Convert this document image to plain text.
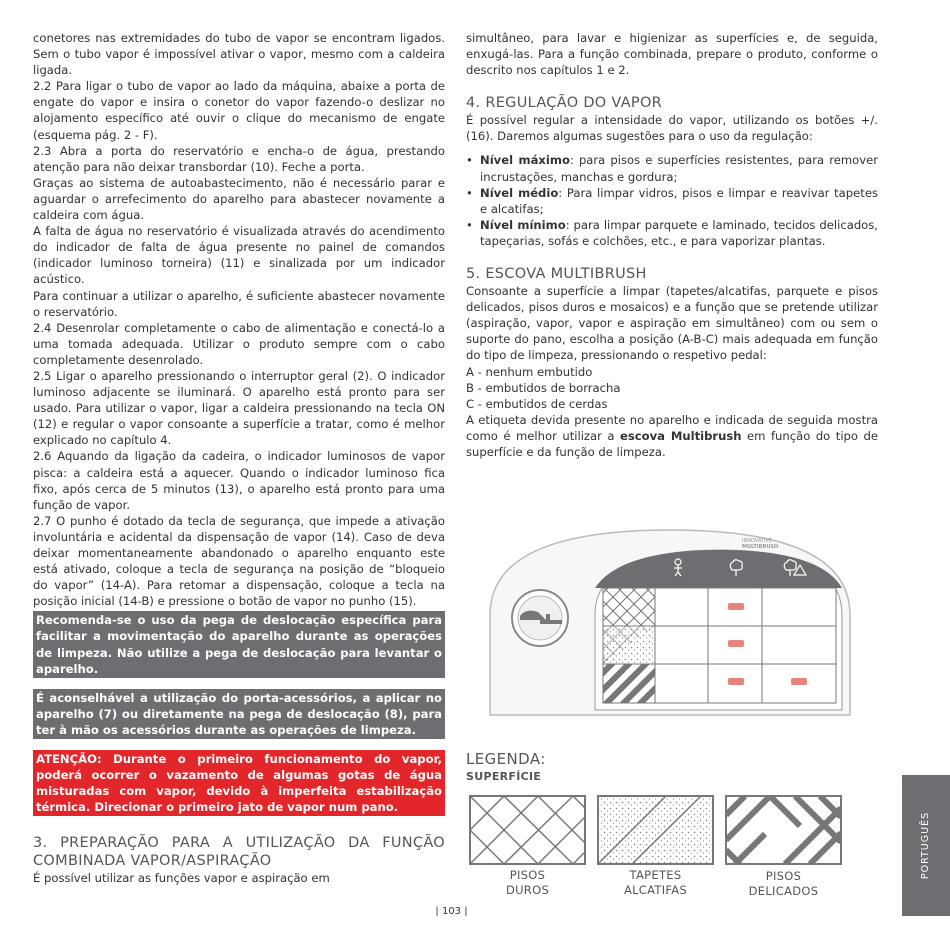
conetores nas extremidades do tubo de vapor se encontram ligados. Sem o tubo vapor é impossível ativar o vapor, mesmo com a caldeira ligada.

2.2 Para ligar o tubo de vapor ao lado da máquina, abaixe a porta de engate do vapor e insira o conetor do vapor fazendo-o deslizar no alojamento específico até ouvir o clique do mecanismo de engate (esquema pág. 2 - F).

2.3 Abra a porta do reservatório e encha-o de água, prestando atenção para não deixar transbordar (10). Feche a porta.

Graças ao sistema de autoabastecimento, não é necessário parar e aguardar o arrefecimento do aparelho para abastecer novamente a caldeira com água.

A falta de água no reservatório é visualizada através do acendimento do indicador de falta de água presente no painel de comandos (indicador luminoso torneira) (11) e sinalizada por um indicador acústico.

Para continuar a utilizar o aparelho, é suficiente abastecer novamente o reservatório.

2.4 Desenrolar completamente o cabo de alimentação e conectá-lo a uma tomada adequada. Utilizar o produto sempre com o cabo completamente desenrolado.

2.5 Ligar o aparelho pressionando o interruptor geral (2). O indicador luminoso adjacente se iluminará. O aparelho está pronto para ser usado. Para utilizar o vapor, ligar a caldeira pressionando na tecla ON (12) e regular o vapor consoante a superfície a tratar, como é melhor explicado no capítulo 4.

2.6 Aquando da ligação da cadeira, o indicador luminosos de vapor pisca: a caldeira está a aquecer. Quando o indicador luminoso fica fixo, após cerca de 5 minutos (13), o aparelho está pronto para uma função de vapor.

2.7 O punho é dotado da tecla de segurança, que impede a ativação involuntária e acidental da dispensação de vapor (14). Caso de deva deixar momentaneamente abandonado o aparelho enquanto este está ativado, coloque a tecla de segurança na posição de “bloqueio do vapor” (14-A). Para retomar a dispensação, coloque a tecla na posição inicial (14-B) e pressione o botão de vapor no punho (15).

Recomenda-se o uso da pega de deslocação específica para facilitar a movimentação do aparelho durante as operações de limpeza. Não utilize a pega de deslocação para levantar o aparelho.
É aconselhável a utilização do porta-acessórios, a aplicar no aparelho (7) ou diretamente na pega de deslocação (8), para ter à mão os acessórios durante as operações de limpeza.
ATENÇÃO: Durante o primeiro funcionamento do vapor, poderá ocorrer o vazamento de algumas gotas de água misturadas com vapor, devido à imperfeita estabilização térmica. Direcionar o primeiro jato de vapor num pano.
3. PREPARAÇÃO PARA A UTILIZAÇÃO DA FUNÇÃO COMBINADA VAPOR/ASPIRAÇÃO

É possível utilizar as funções vapor e aspiração em

simultâneo, para lavar e higienizar as superfícies e, de seguida, enxugá-las. Para a função combinada, prepare o produto, conforme o descrito nos capítulos 1 e 2.

4. REGULAÇÃO DO VAPOR

É possível regular a intensidade do vapor, utilizando os botões +/. (16). Daremos algumas sugestões para o uso da regulação:

• Nível máximo: para pisos e superfícies resistentes, para remover incrustações, manchas e gordura;
• Nível médio: Para limpar vidros, pisos e limpar e reavivar tapetes e alcatifas;
• Nível mínimo: para limpar parquete e laminado, tecidos delicados, tapeçarias, sofás e colchões, etc., e para vaporizar plantas.
5. ESCOVA MULTIBRUSH

Consoante a superfície a limpar (tapetes/alcatifas, parquete e pisos delicados, pisos duros e mosaicos) e a função que se pretende utilizar (aspiração, vapor, vapor e aspiração em simultâneo) com ou sem o suporte do pano, escolha a posição (A-B-C) mais adequada em função do tipo de limpeza, pressionando o respetivo pedal:

A - nenhum embutido

B - embutidos de borracha

C - embutidos de cerdas

A etiqueta devida presente no aparelho e indicada de seguida mostra como é melhor utilizar a escova Multibrush em função do tipo de superfície e da função de limpeza.

INNOVATIVE
MULTIBRUSH
LEGENDA:
SUPERFÍCIE
PISOS
DUROS
TAPETES
ALCATIFAS
PISOS
DELICADOS
PORTUGUÊS
| 103 |
